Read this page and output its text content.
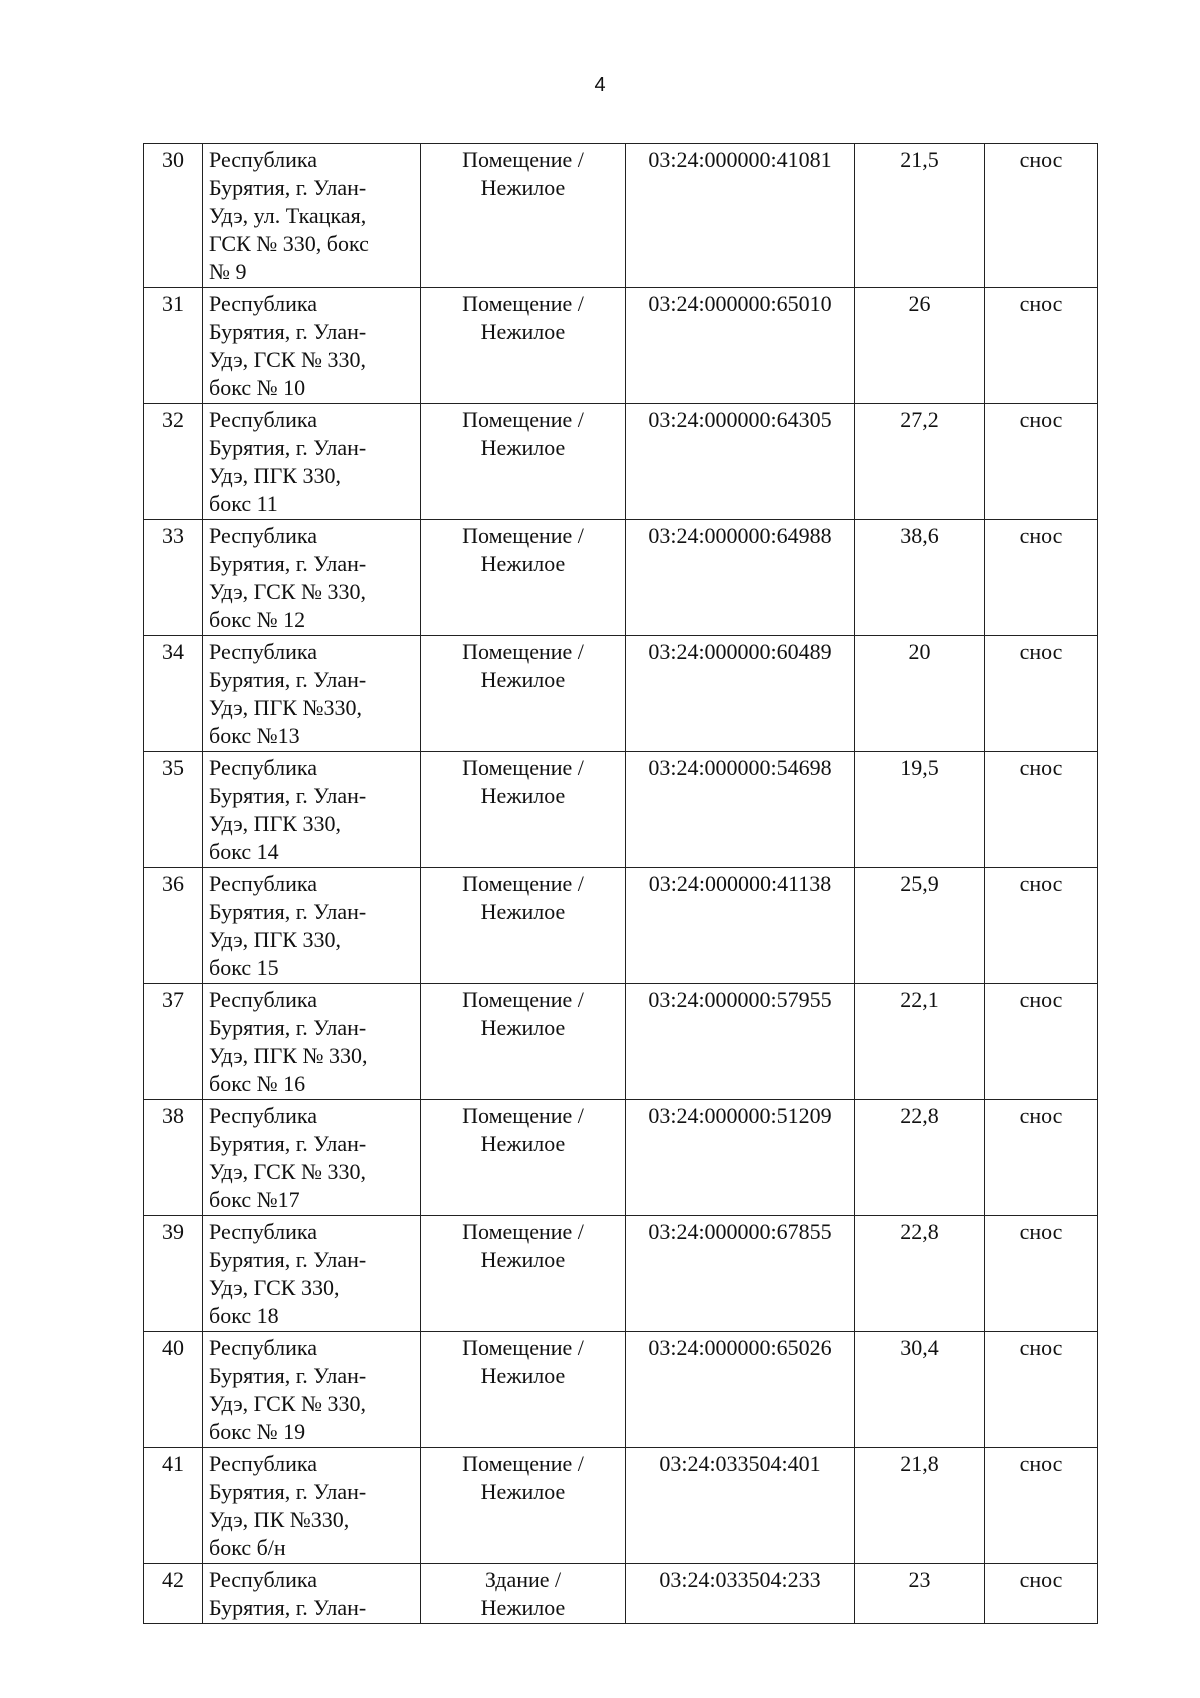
4
30	Республика
Бурятия, г. Улан-
Удэ, ул. Ткацкая,
ГСК № 330, бокс
№ 9	Помещение /
Нежилое	03:24:000000:41081	21,5	снос
31	Республика
Бурятия, г. Улан-
Удэ, ГСК № 330,
бокс № 10	Помещение /
Нежилое	03:24:000000:65010	26	снос
32	Республика
Бурятия, г. Улан-
Удэ, ПГК 330,
бокс 11	Помещение /
Нежилое	03:24:000000:64305	27,2	снос
33	Республика
Бурятия, г. Улан-
Удэ, ГСК № 330,
бокс № 12	Помещение /
Нежилое	03:24:000000:64988	38,6	снос
34	Республика
Бурятия, г. Улан-
Удэ, ПГК №330,
бокс №13	Помещение /
Нежилое	03:24:000000:60489	20	снос
35	Республика
Бурятия, г. Улан-
Удэ, ПГК 330,
бокс 14	Помещение /
Нежилое	03:24:000000:54698	19,5	снос
36	Республика
Бурятия, г. Улан-
Удэ, ПГК 330,
бокс 15	Помещение /
Нежилое	03:24:000000:41138	25,9	снос
37	Республика
Бурятия, г. Улан-
Удэ, ПГК № 330,
бокс № 16	Помещение /
Нежилое	03:24:000000:57955	22,1	снос
38	Республика
Бурятия, г. Улан-
Удэ, ГСК № 330,
бокс №17	Помещение /
Нежилое	03:24:000000:51209	22,8	снос
39	Республика
Бурятия, г. Улан-
Удэ, ГСК 330,
бокс 18	Помещение /
Нежилое	03:24:000000:67855	22,8	снос
40	Республика
Бурятия, г. Улан-
Удэ, ГСК № 330,
бокс № 19	Помещение /
Нежилое	03:24:000000:65026	30,4	снос
41	Республика
Бурятия, г. Улан-
Удэ, ПК №330,
бокс б/н	Помещение /
Нежилое	03:24:033504:401	21,8	снос
42	Республика
Бурятия, г. Улан-	Здание /
Нежилое	03:24:033504:233	23	снос
